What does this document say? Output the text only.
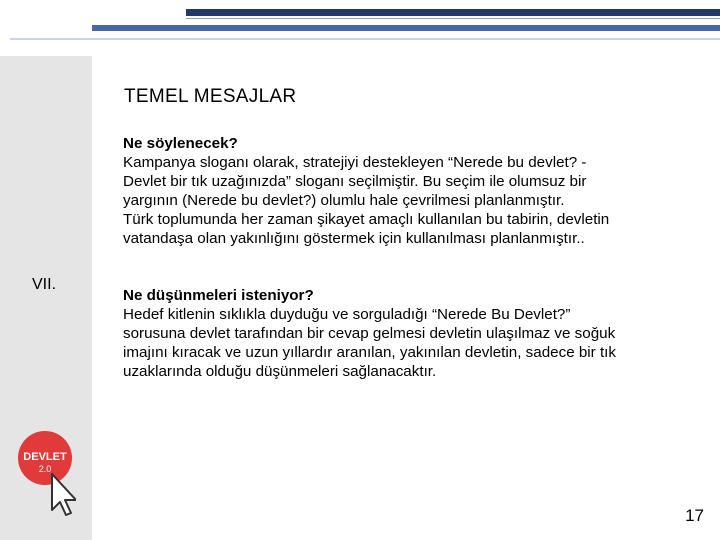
VII.
DEVLET
2.0
TEMEL MESAJLAR
Ne söylenecek?
Kampanya sloganı olarak, stratejiyi destekleyen “Nerede bu devlet? -
Devlet bir tık uzağınızda” sloganı seçilmiştir. Bu seçim ile olumsuz bir
yargının (Nerede bu devlet?) olumlu hale çevrilmesi planlanmıştır.
Türk toplumunda her zaman şikayet amaçlı kullanılan bu tabirin, devletin
vatandaşa olan yakınlığını göstermek için kullanılması planlanmıştır..
Ne düşünmeleri isteniyor?
Hedef kitlenin sıklıkla duyduğu ve sorguladığı “Nerede Bu Devlet?”
sorusuna devlet tarafından bir cevap gelmesi devletin ulaşılmaz ve soğuk
imajını kıracak ve uzun yıllardır aranılan, yakınılan devletin, sadece bir tık
uzaklarında olduğu düşünmeleri sağlanacaktır.
17
